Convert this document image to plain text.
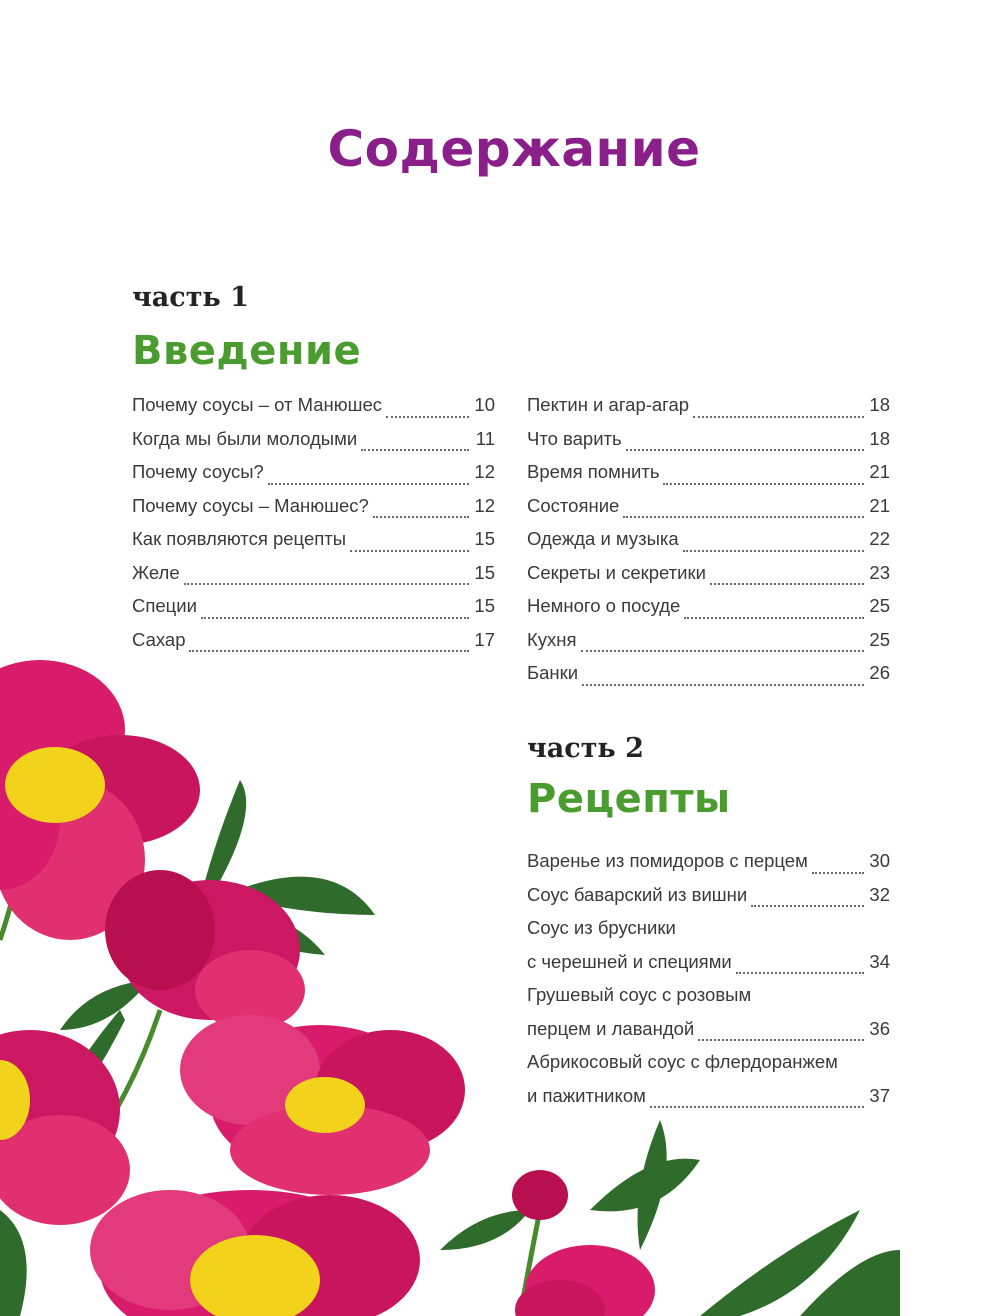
Содержание
часть 1
Введение
Почему соусы – от Манюшес	10
Когда мы были молодыми	11
Почему соусы?	12
Почему соусы – Манюшес?	12
Как появляются рецепты	15
Желе	15
Специи	15
Сахар	17
Пектин и агар-агар	18
Что варить	18
Время помнить	21
Состояние	21
Одежда и музыка	22
Секреты и секретики	23
Немного о посуде	25
Кухня	25
Банки	26
часть 2
Рецепты
Варенье из помидоров с перцем	30
Соус баварский из вишни	32
Соус из брусники
с черешней и специями	34
Грушевый соус с розовым
перцем и лавандой	36
Абрикосовый соус с флердоранжем
и пажитником	37
